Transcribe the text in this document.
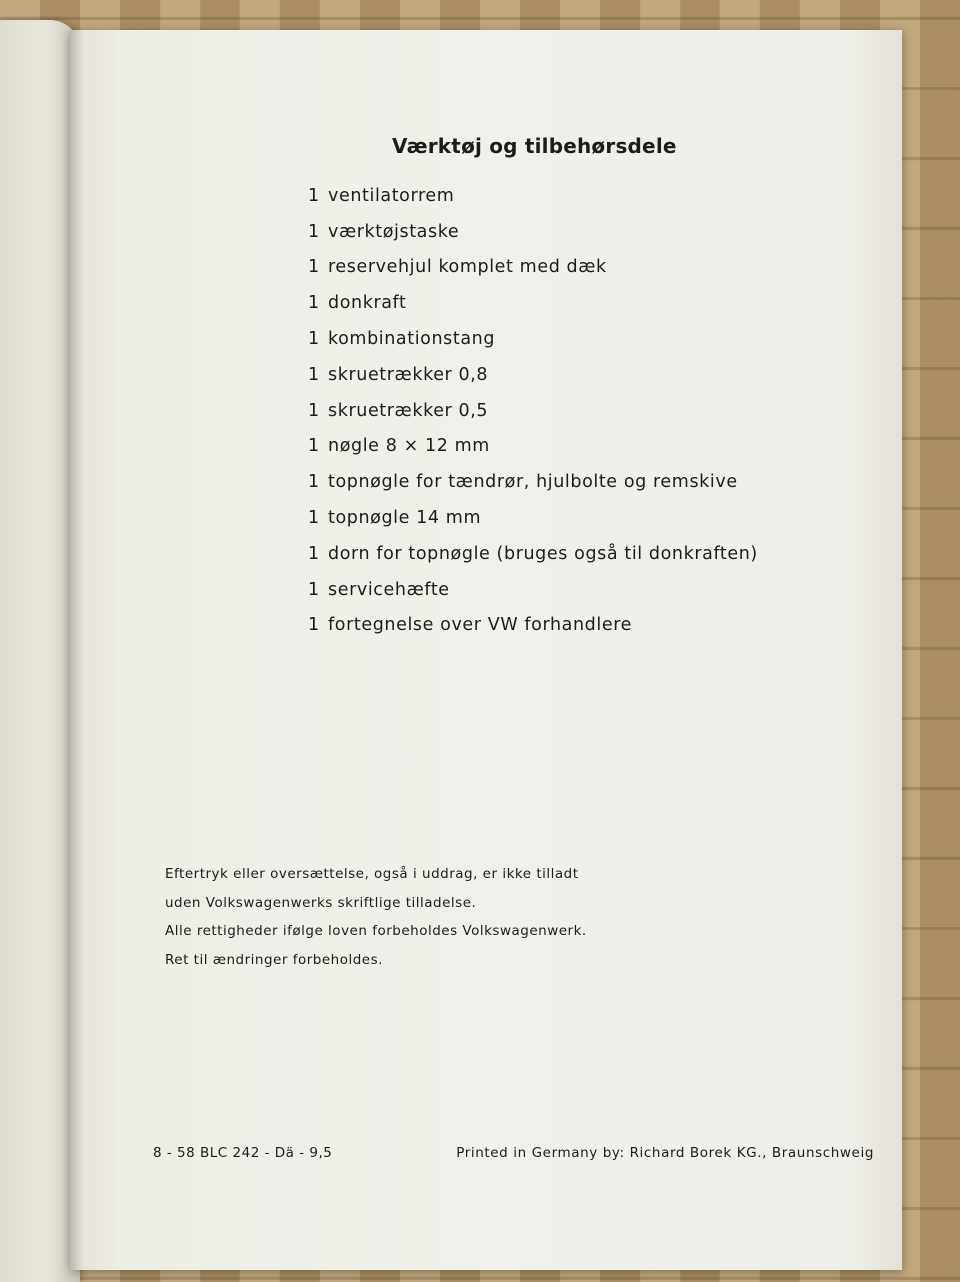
Værktøj og tilbehørsdele
1 ventilatorrem
1 værktøjstaske
1 reservehjul komplet med dæk
1 donkraft
1 kombinationstang
1 skruetrækker 0,8
1 skruetrækker 0,5
1 nøgle 8 × 12 mm
1 topnøgle for tændrør, hjulbolte og remskive
1 topnøgle 14 mm
1 dorn for topnøgle (bruges også til donkraften)
1 servicehæfte
1 fortegnelse over VW forhandlere
Eftertryk eller oversættelse, også i uddrag, er ikke tilladt
uden Volkswagenwerks skriftlige tilladelse.
Alle rettigheder ifølge loven forbeholdes Volkswagenwerk.
Ret til ændringer forbeholdes.
8 - 58 BLC 242 - Dä - 9,5	Printed in Germany by: Richard Borek KG., Braunschweig
